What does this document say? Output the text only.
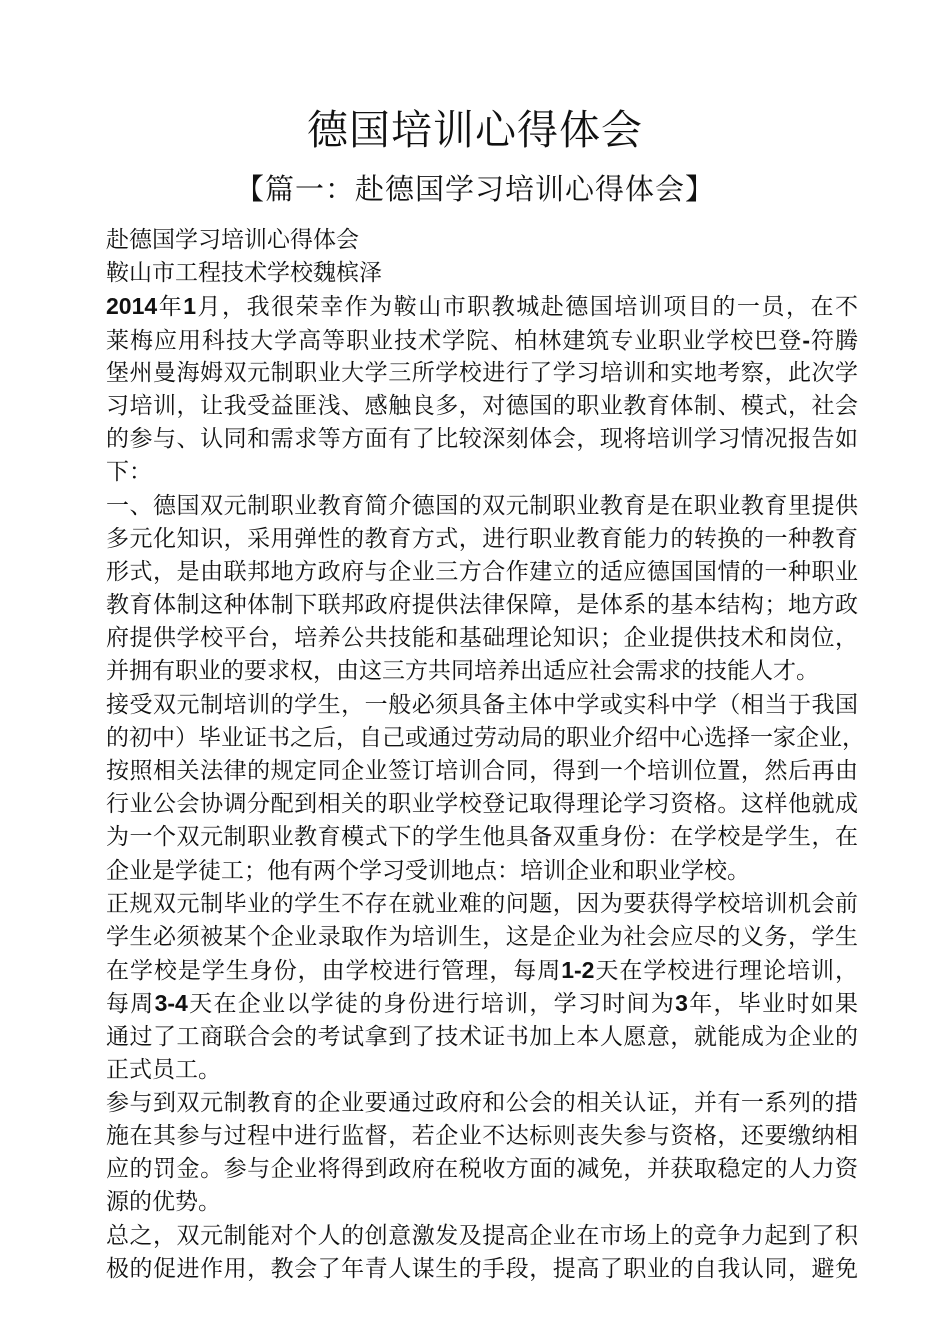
德国培训心得体会
【篇一：赴德国学习培训心得体会】
赴德国学习培训心得体会
鞍山市工程技术学校魏槟泽
2014年1月，我很荣幸作为鞍山市职教城赴德国培训项目的一员，在不
莱梅应用科技大学高等职业技术学院、柏林建筑专业职业学校巴登-符腾
堡州曼海姆双元制职业大学三所学校进行了学习培训和实地考察，此次学
习培训，让我受益匪浅、感触良多，对德国的职业教育体制、模式，社会
的参与、认同和需求等方面有了比较深刻体会，现将培训学习情况报告如
下：
一、德国双元制职业教育简介德国的双元制职业教育是在职业教育里提供
多元化知识，采用弹性的教育方式，进行职业教育能力的转换的一种教育
形式，是由联邦地方政府与企业三方合作建立的适应德国国情的一种职业
教育体制这种体制下联邦政府提供法律保障，是体系的基本结构；地方政
府提供学校平台，培养公共技能和基础理论知识；企业提供技术和岗位，
并拥有职业的要求权，由这三方共同培养出适应社会需求的技能人才。
接受双元制培训的学生，一般必须具备主体中学或实科中学（相当于我国
的初中）毕业证书之后，自己或通过劳动局的职业介绍中心选择一家企业，
按照相关法律的规定同企业签订培训合同，得到一个培训位置，然后再由
行业公会协调分配到相关的职业学校登记取得理论学习资格。这样他就成
为一个双元制职业教育模式下的学生他具备双重身份：在学校是学生，在
企业是学徒工；他有两个学习受训地点：培训企业和职业学校。
正规双元制毕业的学生不存在就业难的问题，因为要获得学校培训机会前
学生必须被某个企业录取作为培训生，这是企业为社会应尽的义务，学生
在学校是学生身份，由学校进行管理，每周1-2天在学校进行理论培训，
每周3-4天在企业以学徒的身份进行培训，学习时间为3年，毕业时如果
通过了工商联合会的考试拿到了技术证书加上本人愿意，就能成为企业的
正式员工。
参与到双元制教育的企业要通过政府和公会的相关认证，并有一系列的措
施在其参与过程中进行监督，若企业不达标则丧失参与资格，还要缴纳相
应的罚金。参与企业将得到政府在税收方面的减免，并获取稳定的人力资
源的优势。
总之，双元制能对个人的创意激发及提高企业在市场上的竞争力起到了积
极的促进作用，教会了年青人谋生的手段，提高了职业的自我认同，避免
